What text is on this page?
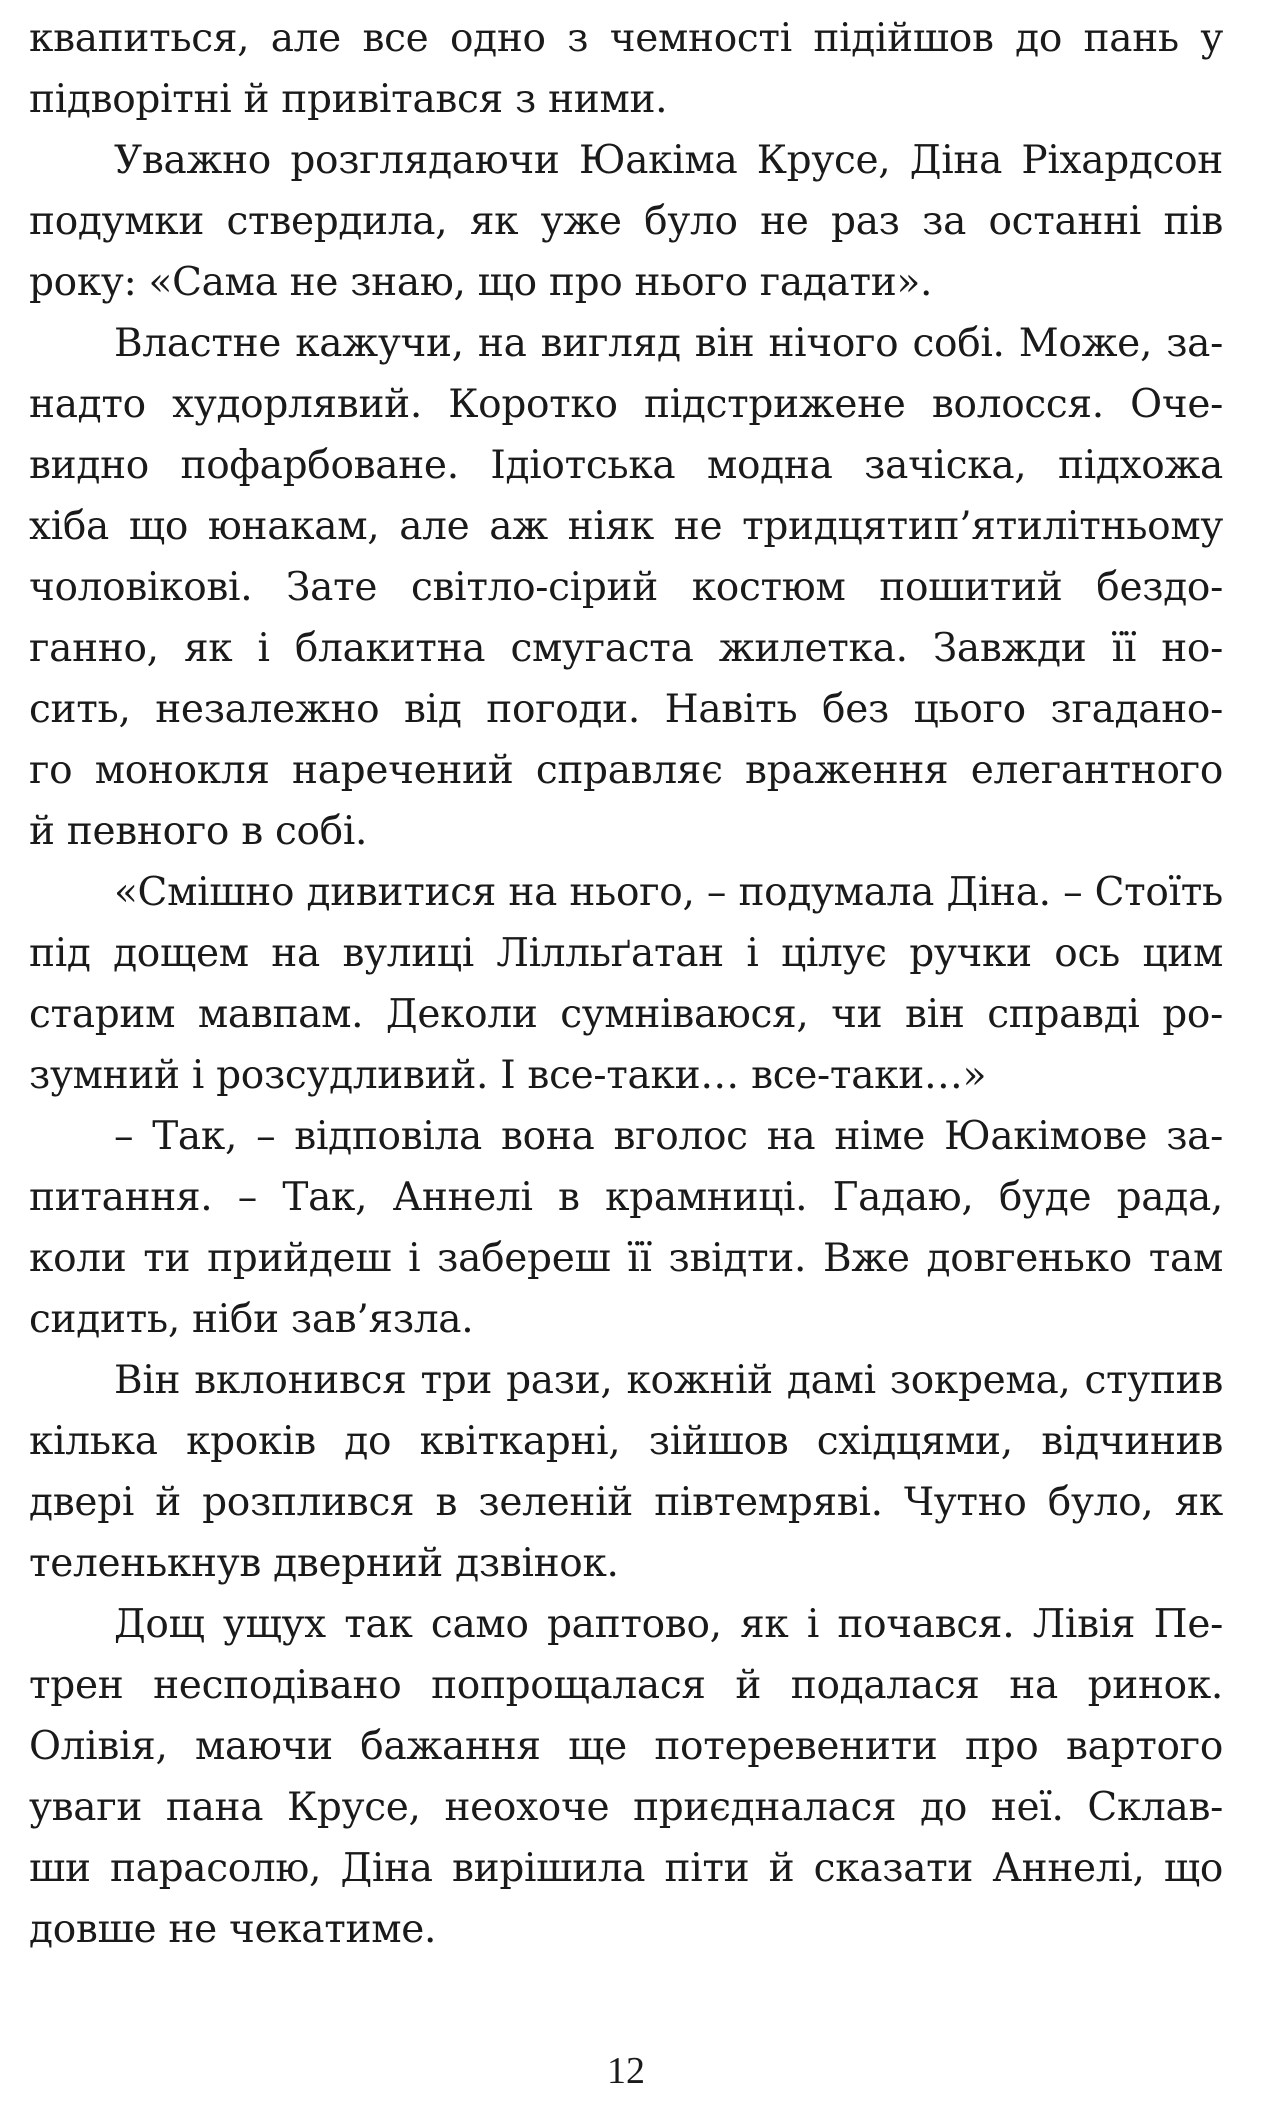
квапиться, але все одно з чемності підійшов до пань у
підворітні й привітався з ними.
Уважно розглядаючи Юакіма Крусе, Діна Ріхардсон
подумки ствердила, як уже було не раз за останні пів
року: «Сама не знаю, що про нього гадати».
Властне кажучи, на вигляд він нічого собі. Може, за-
надто худорлявий. Коротко підстрижене волосся. Оче-
видно пофарбоване. Ідіотська модна зачіска, підхожа
хіба що юнакам, але аж ніяк не тридцятип’ятилітньому
чоловікові. Зате світло-сірий костюм пошитий бездо-
ганно, як і блакитна смугаста жилетка. Завжди її но-
сить, незалежно від погоди. Навіть без цього згадано-
го монокля наречений справляє враження елегантного
й певного в собі.
«Смішно дивитися на нього, – подумала Діна. – Стоїть
під дощем на вулиці Лілльґатан і цілує ручки ось цим
старим мавпам. Деколи сумніваюся, чи він справді ро-
зумний і розсудливий. І все-таки… все-таки…»
– Так, – відповіла вона вголос на німе Юакімове за-
питання. – Так, Аннелі в крамниці. Гадаю, буде рада,
коли ти прийдеш і забереш її звідти. Вже довгенько там
сидить, ніби зав’язла.
Він вклонився три рази, кожній дамі зокрема, ступив
кілька кроків до квіткарні, зійшов східцями, відчинив
двері й розплився в зеленій півтемряві. Чутно було, як
теленькнув дверний дзвінок.
Дощ ущух так само раптово, як і почався. Лівія Пе-
трен несподівано попрощалася й подалася на ринок.
Олівія, маючи бажання ще потеревенити про вартого
уваги пана Крусе, неохоче приєдналася до неї. Склав-
ши парасолю, Діна вирішила піти й сказати Аннелі, що
довше не чекатиме.
12
